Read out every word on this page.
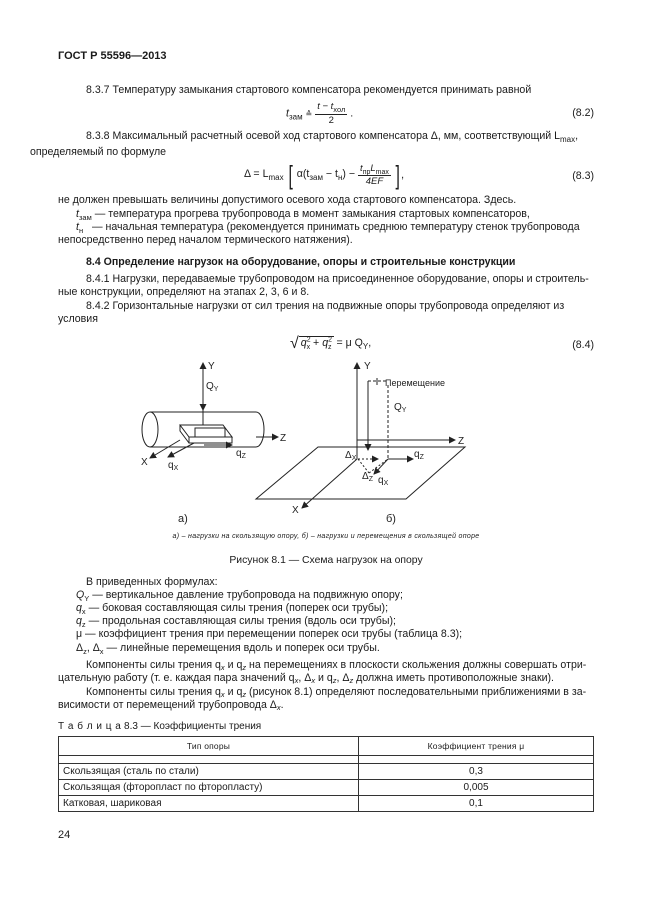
ГОСТ Р 55596—2013
8.3.7 Температуру замыкания стартового компенсатора рекомендуется принимать равной
$t_{зам}$ ≙ $\frac{t - t_{хол}}{2}$ .	(8.2)
8.3.8 Максимальный расчетный осевой ход стартового компенсатора Δ, мм, соответствующий $L_{max}$,
определяемый по формуле
$\Delta = L_{max}$ [ $\alpha(t_{зам} - t_н) - \frac{t_{пр}L_{max}}{4EF}$ ],	(8.3)
не должен превышать величины допустимого осевого хода стартового компенсатора. Здесь.
$t_{зам}$ — температура прогрева трубопровода в момент замыкания стартовых компенсаторов,
$t_н$ — начальная температура (рекомендуется принимать среднюю температуру стенок трубопровода
непосредственно перед началом термического натяжения).
8.4 Определение нагрузок на оборудование, опоры и строительные конструкции
8.4.1 Нагрузки, передаваемые трубопроводом на присоединенное оборудование, опоры и строитель-
ные конструкции, определяют на этапах 2, 3, 6 и 8.
8.4.2 Горизонтальные нагрузки от сил трения на подвижные опоры трубопровода определяют из
условия
√ $q^2_x + q^2_z = \mu$ $Q_Y$,	(8.4)
Y
$Q_Y$
Z
X
$q_Z$
$q_X$
а)
Y
Перемещение
$Q_Y$
Z
X
$\Delta_X$
$\Delta_Z$
$q_Z$
$q_X$
б)
а) – нагрузки на скользящую опору, б) – нагрузки и перемещения в скользящей опоре
Рисунок 8.1 — Схема нагрузок на опору
В приведенных формулах:
$Q_Y$ — вертикальное давление трубопровода на подвижную опору;
$q_x$ — боковая составляющая силы трения (поперек оси трубы);
$q_z$ — продольная составляющая силы трения (вдоль оси трубы);
μ — коэффициент трения при перемещении поперек оси трубы (таблица 8.3);
$\Delta_z$, $\Delta_x$ — линейные перемещения вдоль и поперек оси трубы.
Компоненты силы трения qx и qz на перемещениях в плоскости скольжения должны совершать отри-
цательную работу (т. е. каждая пара значений qx, Δx и qz, Δz должна иметь противоположные знаки).
Компоненты силы трения qx и qz (рисунок 8.1) определяют последовательными приближениями в за-
висимости от перемещений трубопровода Δx.
Т а б л и ц а 8.3 — Коэффициенты трения
Тип опоры	Коэффициент трения μ

Скользящая (сталь по стали)	0,3
Скользящая (фторопласт по фторопласту)	0,005
Катковая, шариковая	0,1
24
